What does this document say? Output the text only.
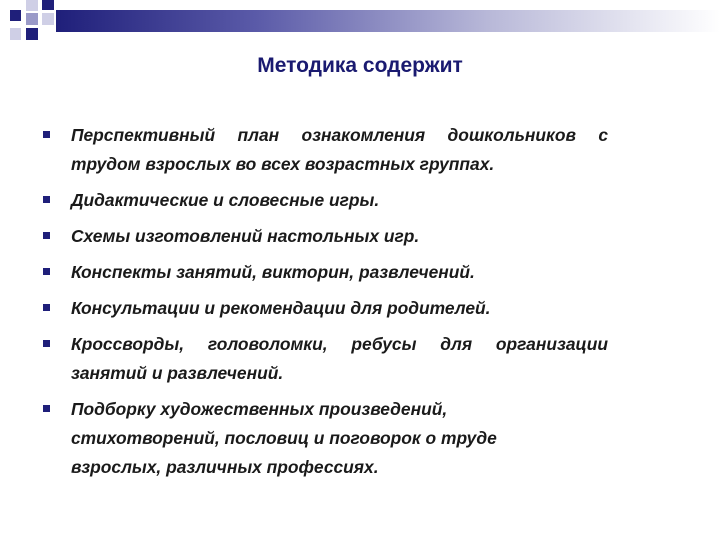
Методика содержит
Перспективный план ознакомления дошкольников с трудом взрослых во всех возрастных группах.
Дидактические и словесные игры.
Схемы изготовлений настольных игр.
Конспекты занятий, викторин, развлечений.
Консультации и рекомендации для родителей.
Кроссворды, головоломки, ребусы для организации занятий и развлечений.
Подборку художественных произведений, стихотворений, пословиц и поговорок о труде взрослых, различных профессиях.
